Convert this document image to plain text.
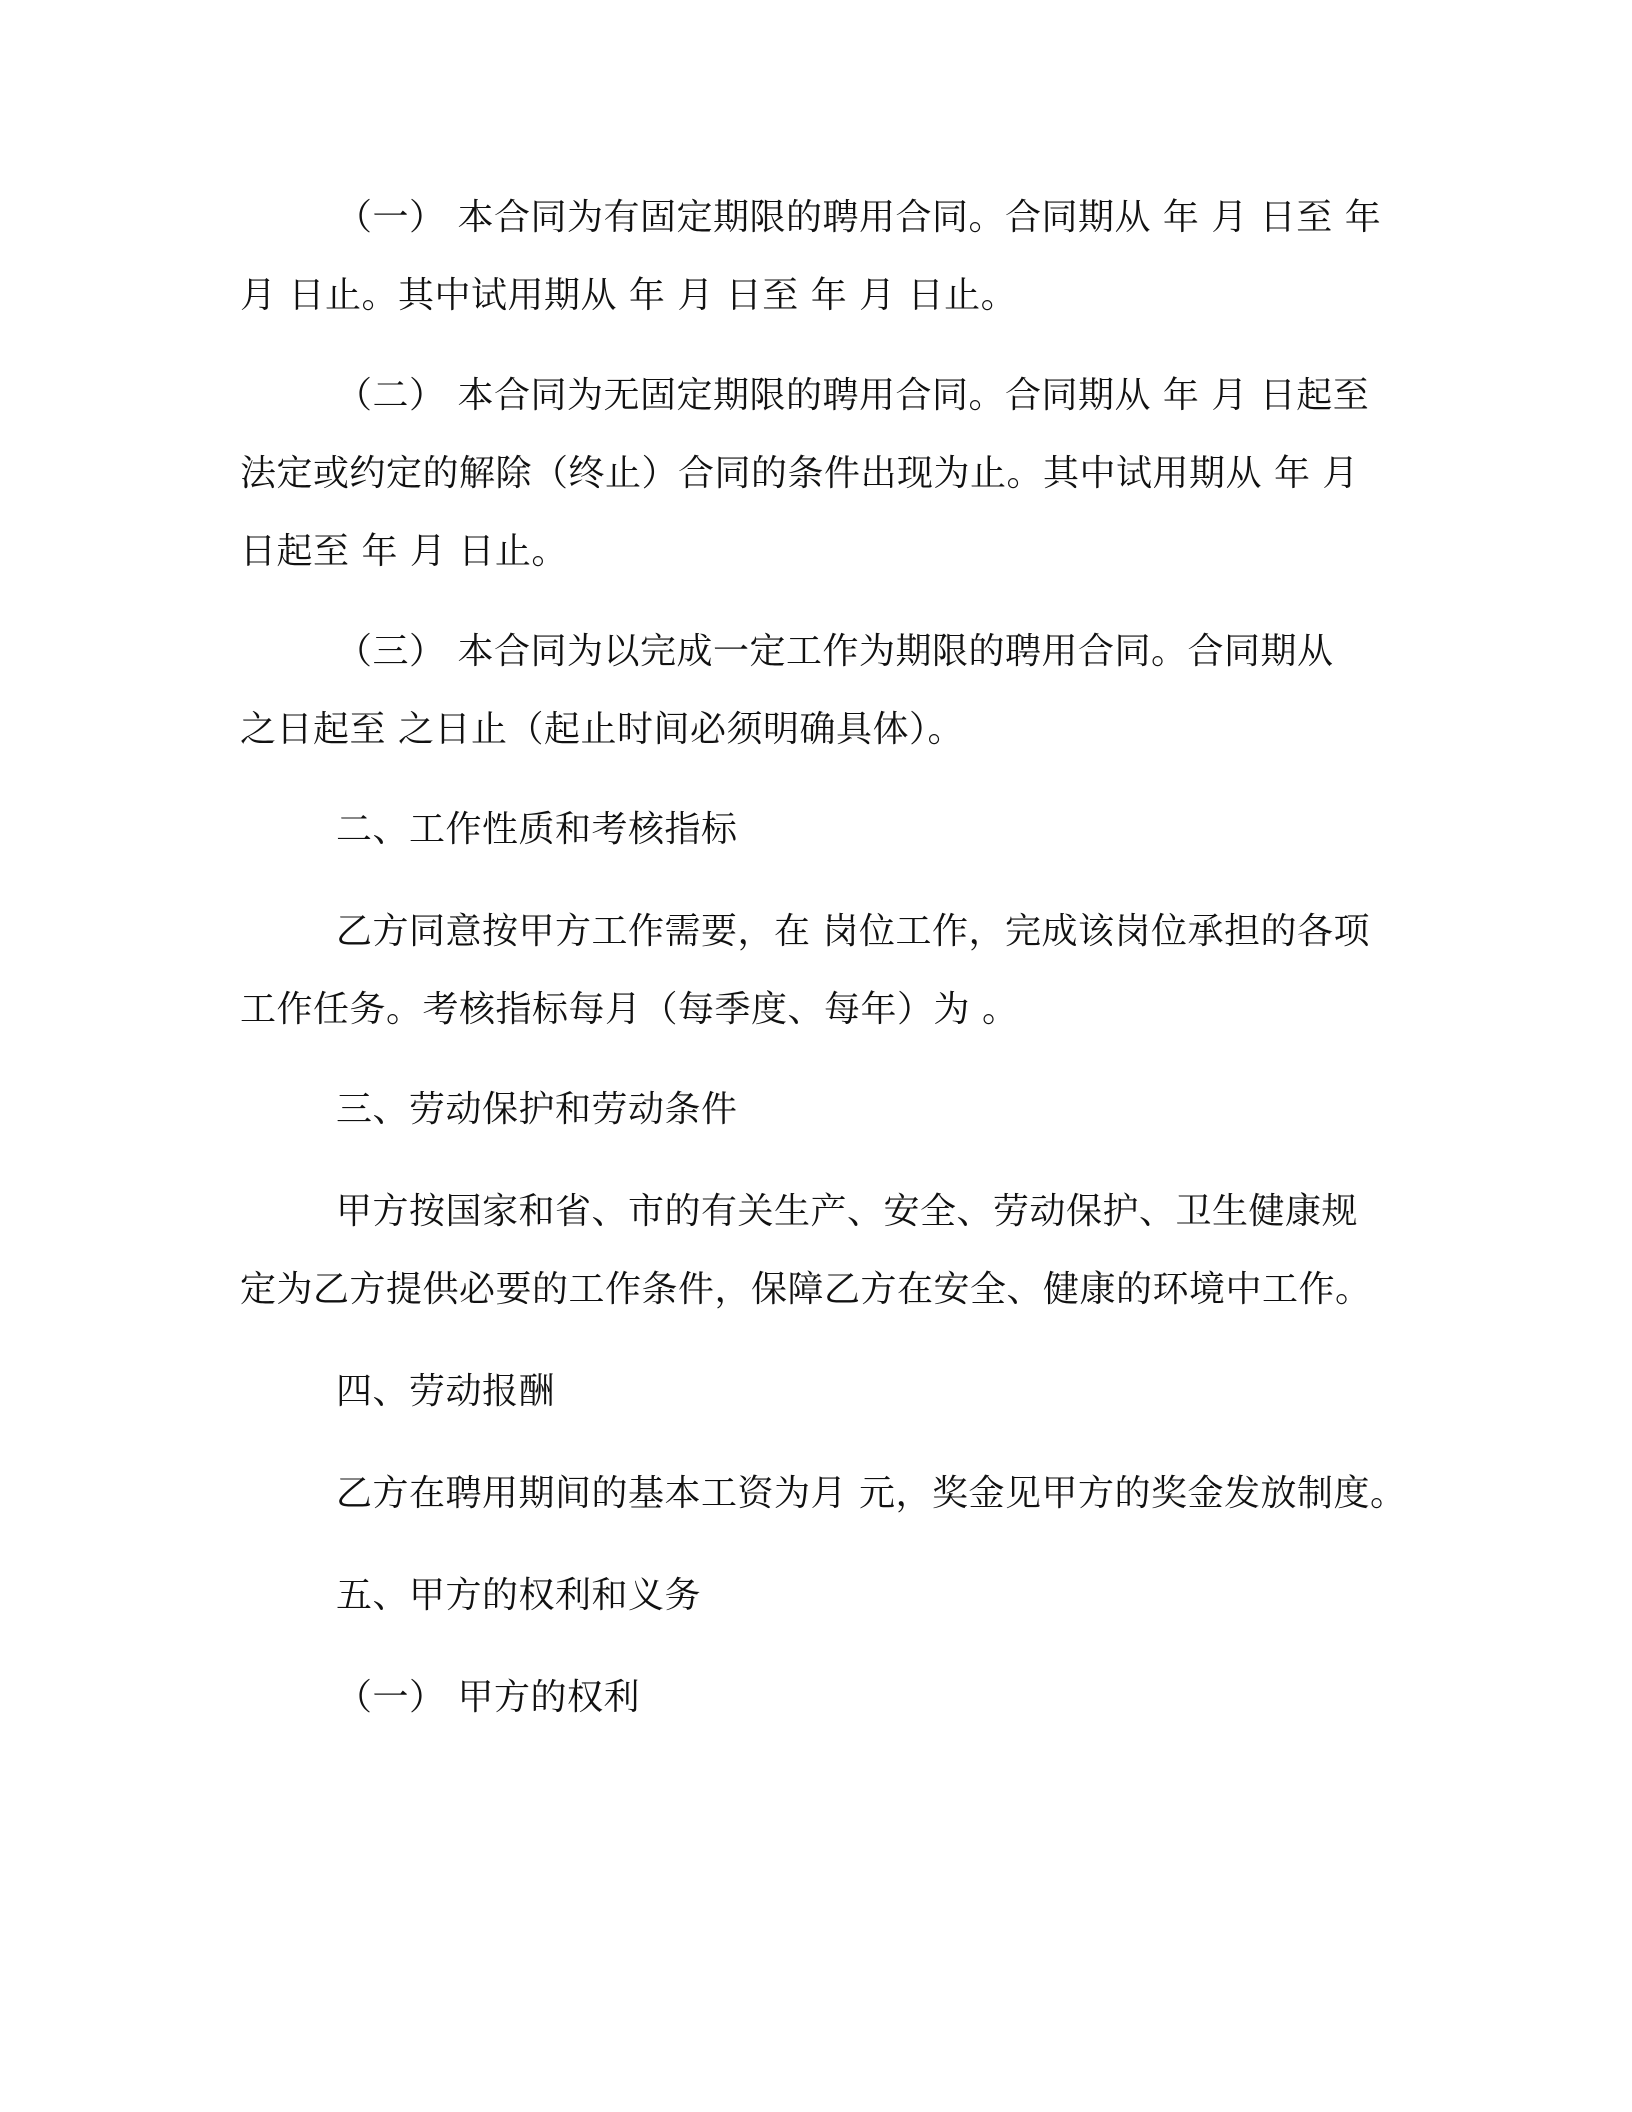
（一） 本合同为有固定期限的聘用合同。合同期从 年 月 日至 年

月 日止。其中试用期从 年 月 日至 年 月 日止。

（二） 本合同为无固定期限的聘用合同。合同期从 年 月 日起至

法定或约定的解除（终止）合同的条件出现为止。其中试用期从 年 月

日起至 年 月 日止。

（三） 本合同为以完成一定工作为期限的聘用合同。合同期从

之日起至 之日止（起止时间必须明确具体）。

二、工作性质和考核指标

乙方同意按甲方工作需要，在 岗位工作，完成该岗位承担的各项

工作任务。考核指标每月（每季度、每年）为 。

三、劳动保护和劳动条件

甲方按国家和省、市的有关生产、安全、劳动保护、卫生健康规

定为乙方提供必要的工作条件，保障乙方在安全、健康的环境中工作。

四、劳动报酬

乙方在聘用期间的基本工资为月 元，奖金见甲方的奖金发放制度。

五、甲方的权利和义务

（一） 甲方的权利
